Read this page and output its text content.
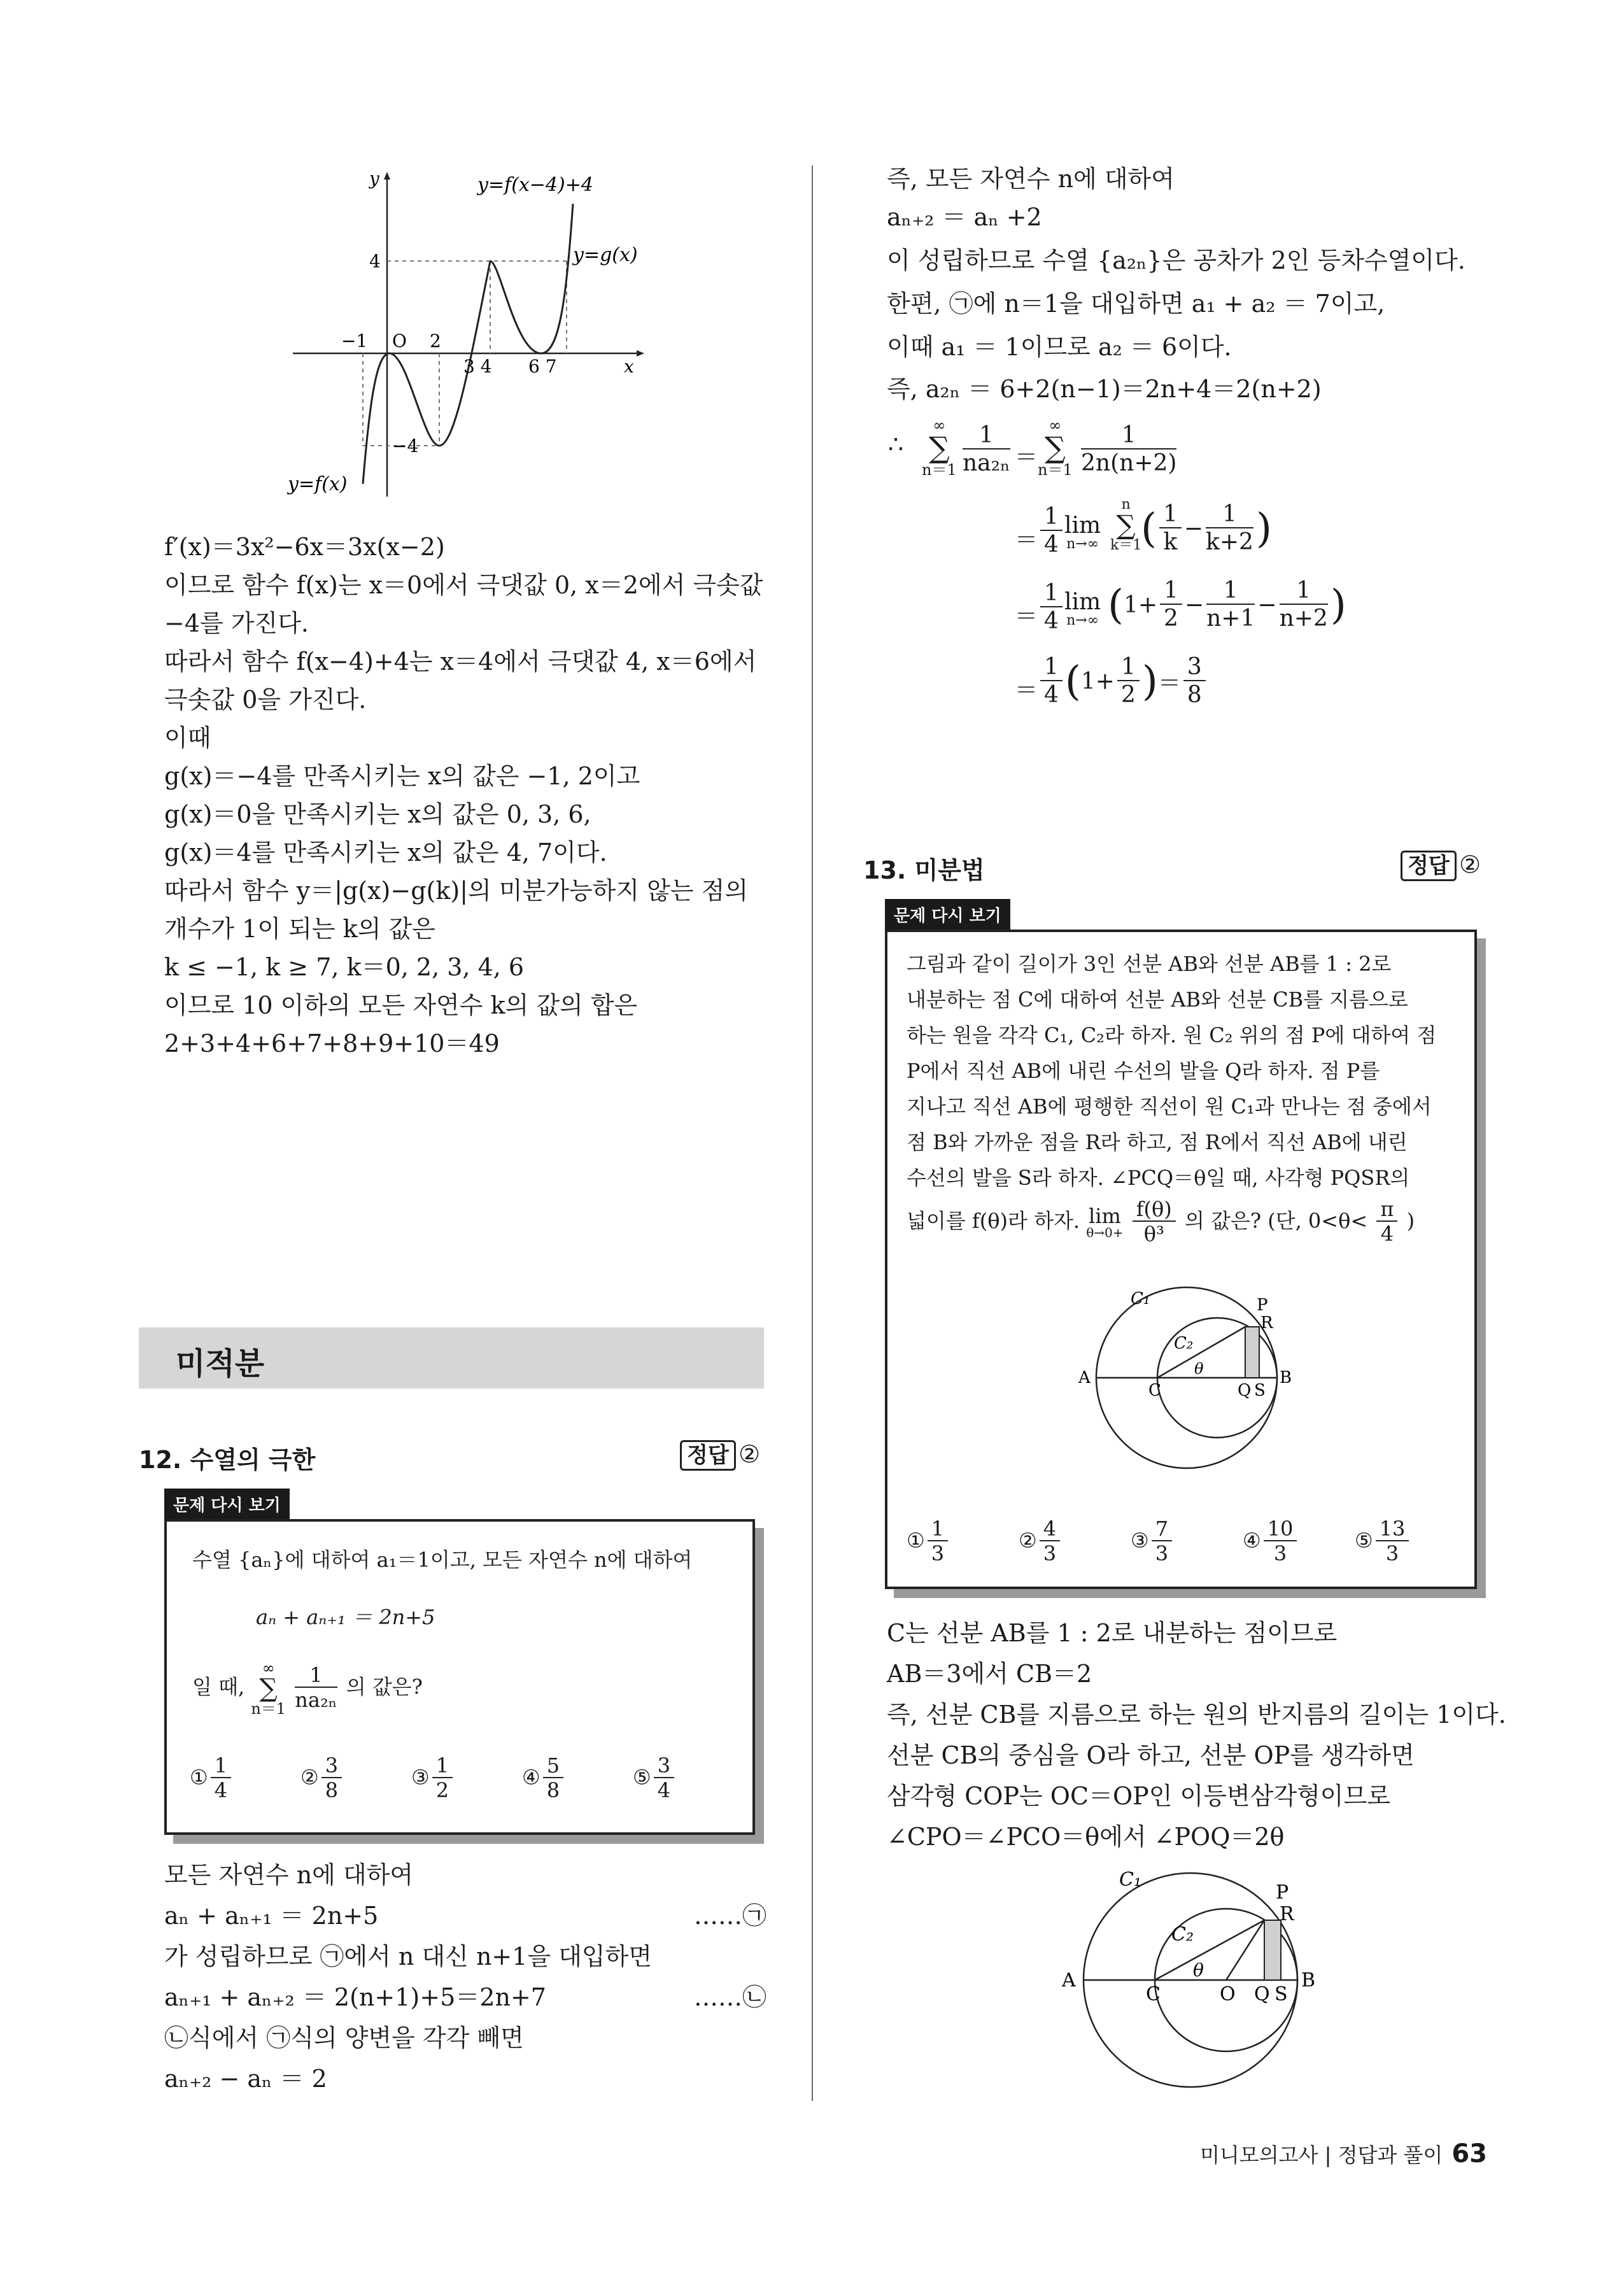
y
x
y=f(x−4)+4
y=g(x)
y=f(x)
4
−4
−1 O 2
3 4 6 7
f′(x)＝3x²−6x＝3x(x−2)
이므로 함수 f(x)는 x＝0에서 극댓값 0, x＝2에서 극솟값
−4를 가진다.
따라서 함수 f(x−4)+4는 x＝4에서 극댓값 4, x＝6에서
극솟값 0을 가진다.
이때
g(x)＝−4를 만족시키는 x의 값은 −1, 2이고
g(x)＝0을 만족시키는 x의 값은 0, 3, 6,
g(x)＝4를 만족시키는 x의 값은 4, 7이다.
따라서 함수 y＝|g(x)−g(k)|의 미분가능하지 않는 점의
개수가 1이 되는 k의 값은
k ≤ −1, k ≥ 7, k＝0, 2, 3, 4, 6
이므로 10 이하의 모든 자연수 k의 값의 합은
2+3+4+6+7+8+9+10＝49
미적분
12. 수열의 극한	정답 ②
문제 다시 보기
수열 {aₙ}에 대하여 a₁＝1이고, 모든 자연수 n에 대하여
aₙ + aₙ₊₁ ＝ 2n+5
일 때,
∞
∑
n＝1
$\frac{1}{\text{na₂ₙ}}$ 의 값은?
① $\frac{1}{4}$	② $\frac{3}{8}$	③ $\frac{1}{2}$	④ $\frac{5}{8}$	⑤ $\frac{3}{4}$
모든 자연수 n에 대하여
aₙ + aₙ₊₁ ＝ 2n+5	……㉠
가 성립하므로 ㉠에서 n 대신 n+1을 대입하면
aₙ₊₁ + aₙ₊₂ ＝ 2(n+1)+5＝2n+7	……㉡
㉡식에서 ㉠식의 양변을 각각 빼면
aₙ₊₂ − aₙ ＝ 2
즉, 모든 자연수 n에 대하여
aₙ₊₂ ＝ aₙ +2
이 성립하므로 수열 {a₂ₙ}은 공차가 2인 등차수열이다.
한편, ㉠에 n＝1을 대입하면 a₁ + a₂ ＝ 7이고,
이때 a₁ ＝ 1이므로 a₂ ＝ 6이다.
즉, a₂ₙ ＝ 6+2(n−1)＝2n+4＝2(n+2)
∴
∞
∑
$n=1 \frac{1}{\text{na₂ₙ}}$ ＝
∞
∑
$n=1 \frac{1}{2n(n+2)}$
＝ $\frac{1}{4}$ lim
n→∞
n
∑
k＝1
( $\frac{1}{k} - \frac{1}{k+2}$ )
＝ $\frac{1}{4}$ lim
n→∞ ($1+ \frac{1}{2} - \frac{1}{n+1} - \frac{1}{n+2}$ )
＝ $\frac{1}{4} (1+ \frac{1}{2}$ )＝ $\frac{3}{8}$
13. 미분법	정답 ②
문제 다시 보기
그림과 같이 길이가 3인 선분 AB와 선분 AB를 1 : 2로
내분하는 점 C에 대하여 선분 AB와 선분 CB를 지름으로
하는 원을 각각 C₁, C₂라 하자. 원 C₂ 위의 점 P에 대하여 점
P에서 직선 AB에 내린 수선의 발을 Q라 하자. 점 P를
지나고 직선 AB에 평행한 직선이 원 C₁과 만나는 점 중에서
점 B와 가까운 점을 R라 하고, 점 R에서 직선 AB에 내린
수선의 발을 S라 하자. ∠PCQ＝θ일 때, 사각형 PQSR의
넓이를 f(θ)라 하자. lim
θ→0+
$\frac{f(\theta)}{\text{θ³}}$ 의 값은? (단, $0<\theta< \frac{\pi}{4}$ )
C₁	P
R
C₂
θ
A
C	Q S
B
① $\frac{1}{3}$	② $\frac{4}{3}$	③ $\frac{7}{3}$	④ $\frac{10}{3}$	⑤ $\frac{13}{3}$
C는 선분 AB를 1 : 2로 내분하는 점이므로
AB＝3에서 CB＝2
즉, 선분 CB를 지름으로 하는 원의 반지름의 길이는 1이다.
선분 CB의 중심을 O라 하고, 선분 OP를 생각하면
삼각형 COP는 OC＝OP인 이등변삼각형이므로
∠CPO＝∠PCO＝θ에서 ∠POQ＝2θ
C₁
P
R
C₂
θ
A
C	O Q S
B
미니모의고사 | 정답과 풀이 63
